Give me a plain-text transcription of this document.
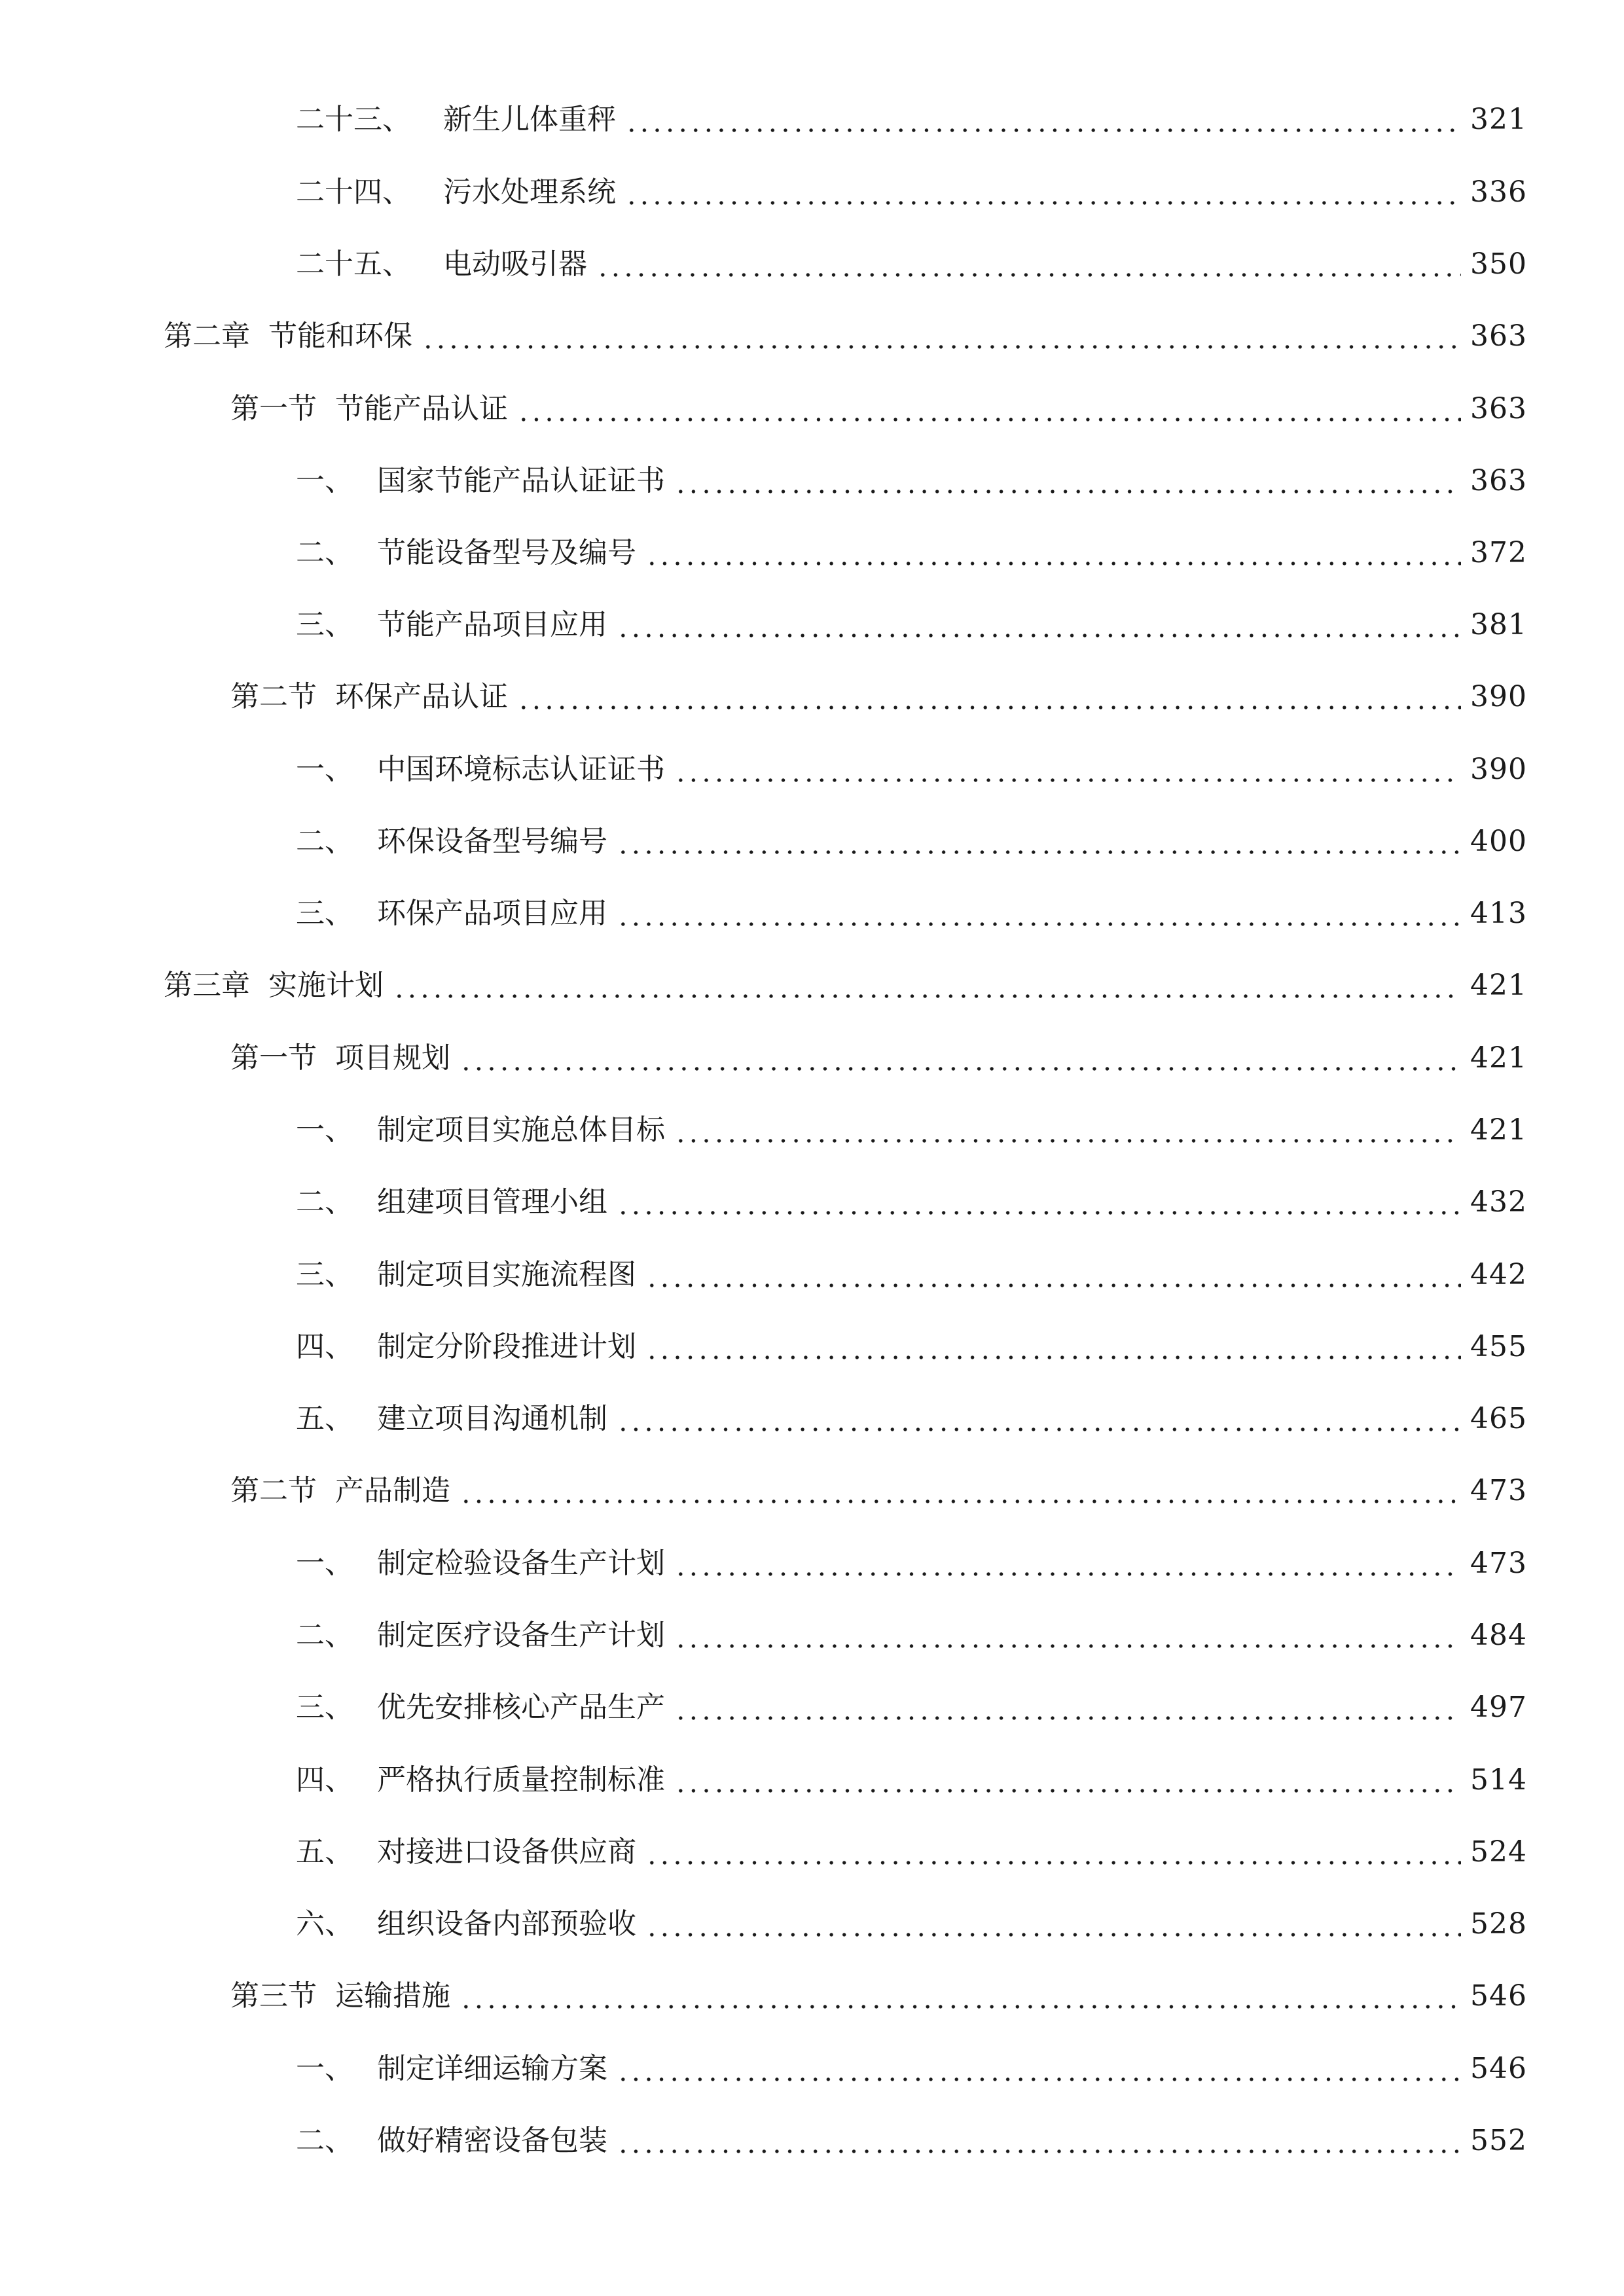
二十三、	新生儿体重秤	321
二十四、	污水处理系统	336
二十五、	电动吸引器	350
第二章 节能和环保	363
第一节 节能产品认证	363
一、 国家节能产品认证证书	363
二、 节能设备型号及编号	372
三、 节能产品项目应用	381
第二节 环保产品认证	390
一、 中国环境标志认证证书	390
二、 环保设备型号编号	400
三、 环保产品项目应用	413
第三章 实施计划	421
第一节 项目规划	421
一、 制定项目实施总体目标	421
二、 组建项目管理小组	432
三、 制定项目实施流程图	442
四、 制定分阶段推进计划	455
五、 建立项目沟通机制	465
第二节 产品制造	473
一、 制定检验设备生产计划	473
二、 制定医疗设备生产计划	484
三、 优先安排核心产品生产	497
四、 严格执行质量控制标准	514
五、 对接进口设备供应商	524
六、 组织设备内部预验收	528
第三节 运输措施	546
一、 制定详细运输方案	546
二、 做好精密设备包装	552
